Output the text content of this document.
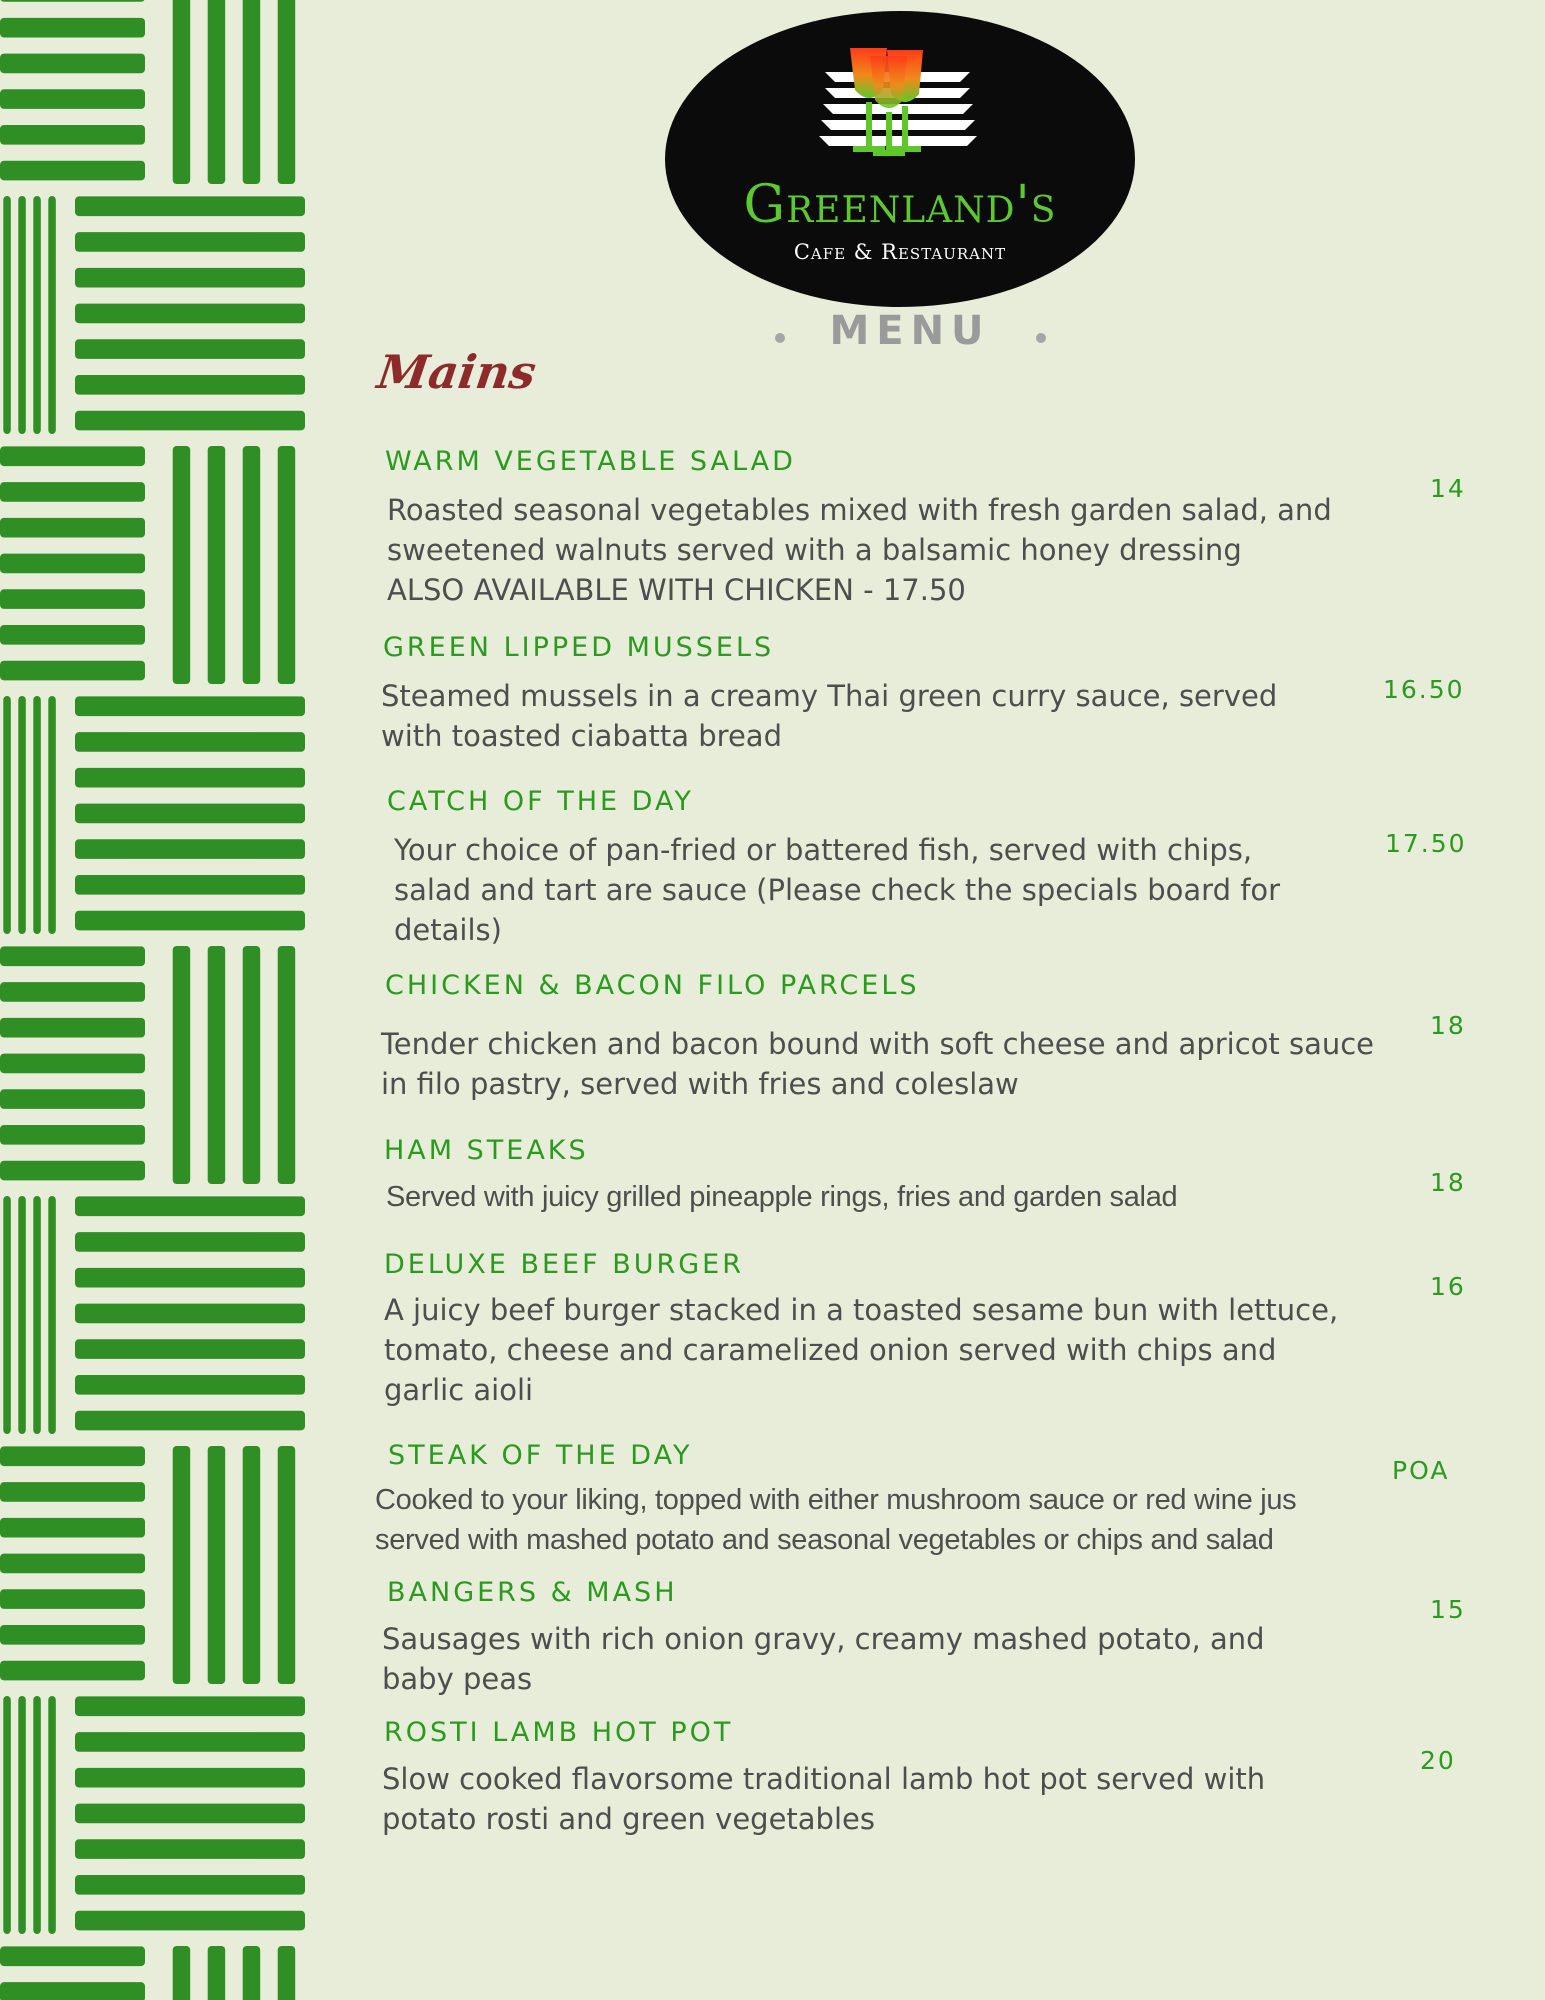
Greenland's
Cafe & Restaurant
MENU
Mains
WARM VEGETABLE SALAD
Roasted seasonal vegetables mixed with fresh garden salad, and
sweetened walnuts served with a balsamic honey dressing
ALSO AVAILABLE WITH CHICKEN - 17.50
14
GREEN LIPPED MUSSELS
Steamed mussels in a creamy Thai green curry sauce, served
with toasted ciabatta bread
16.50
CATCH OF THE DAY
Your choice of pan-fried or battered fish, served with chips,
salad and tart are sauce (Please check the specials board for
details)
17.50
CHICKEN & BACON FILO PARCELS
Tender chicken and bacon bound with soft cheese and apricot sauce
in filo pastry, served with fries and coleslaw
18
HAM STEAKS
Served with juicy grilled pineapple rings, fries and garden salad	18
DELUXE BEEF BURGER
A juicy beef burger stacked in a toasted sesame bun with lettuce,
tomato, cheese and caramelized onion served with chips and
garlic aioli
16
STEAK OF THE DAY
Cooked to your liking, topped with either mushroom sauce or red wine jus
served with mashed potato and seasonal vegetables or chips and salad
POA
BANGERS & MASH
Sausages with rich onion gravy, creamy mashed potato, and
baby peas
15
ROSTI LAMB HOT POT
Slow cooked flavorsome traditional lamb hot pot served with
potato rosti and green vegetables
20
